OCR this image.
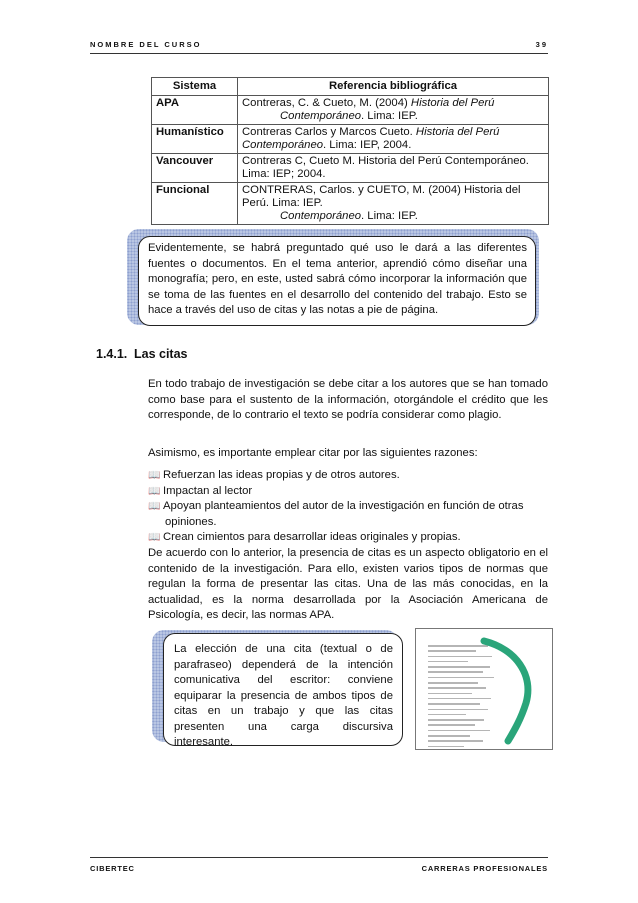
NOMBRE DEL CURSO	39
Sistema	Referencia bibliográfica
APA	Contreras, C. & Cueto, M. (2004) Historia del Perú
Contemporáneo. Lima: IEP.
Humanístico	Contreras Carlos y Marcos Cueto. Historia del Perú
Contemporáneo. Lima: IEP, 2004.
Vancouver	Contreras C, Cueto M. Historia del Perú Contemporáneo.
Lima: IEP; 2004.
Funcional	CONTRERAS, Carlos. y CUETO, M. (2004) Historia del
Perú. Lima: IEP.
Contemporáneo. Lima: IEP.
Evidentemente, se habrá preguntado qué uso le dará a las diferentes fuentes o documentos. En el tema anterior, aprendió cómo diseñar una monografía; pero, en este, usted sabrá cómo incorporar la información que se toma de las fuentes en el desarrollo del contenido del trabajo. Esto se hace a través del uso de citas y las notas a pie de página.
1.4.1. Las citas
En todo trabajo de investigación se debe citar a los autores que se han tomado como base para el sustento de la información, otorgándole el crédito que les corresponde, de lo contrario el texto se podría considerar como plagio.
Asimismo, es importante emplear citar por las siguientes razones:
📖 Refuerzan las ideas propias y de otros autores.
📖 Impactan al lector
📖 Apoyan planteamientos del autor de la investigación en función de otras
opiniones.
📖 Crean cimientos para desarrollar ideas originales y propias.
De acuerdo con lo anterior, la presencia de citas es un aspecto obligatorio en el contenido de la investigación. Para ello, existen varios tipos de normas que regulan la forma de presentar las citas. Una de las más conocidas, en la actualidad, es la norma desarrollada por la Asociación Americana de Psicología, es decir, las normas APA.
La elección de una cita (textual o de parafraseo) dependerá de la intención comunicativa del escritor: conviene equiparar la presencia de ambos tipos de citas en un trabajo y que las citas presenten una carga discursiva interesante.
CIBERTEC	CARRERAS PROFESIONALES
